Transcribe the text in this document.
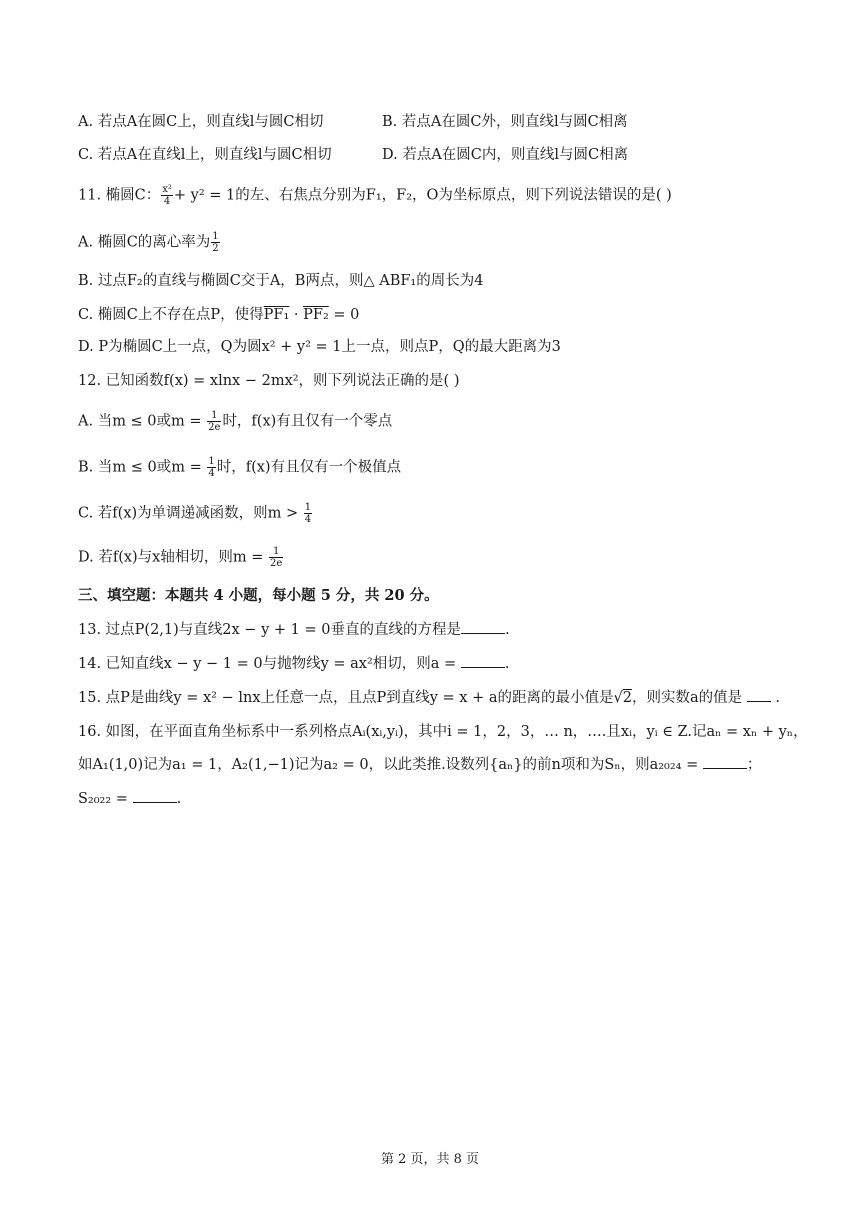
A. 若点A在圆C上，则直线l与圆C相切	B. 若点A在圆C外，则直线l与圆C相离
C. 若点A在直线l上，则直线l与圆C相切	D. 若点A在圆C内，则直线l与圆C相离
11. 椭圆C： $\frac{\text{x²}}{4} + y^2 = 1$的左、右焦点分别为F₁，F₂，O为坐标原点，则下列说法错误的是( )
A. 椭圆C的离心率为 $\frac{1}{2}$
B. 过点F₂的直线与椭圆C交于A，B两点，则△ ABF₁的周长为4
C. 椭圆C上不存在点P，使得PF₁ · PF₂ = 0
D. P为椭圆C上一点，Q为圆x² + y² = 1上一点，则点P，Q的最大距离为3
12. 已知函数f(x) = xlnx − 2mx²，则下列说法正确的是( )
A. 当m ≤ 0或$m = \frac{1}{2e}$ 时，f(x)有且仅有一个零点
B. 当m ≤ 0或$m = \frac{1}{4}$ 时，f(x)有且仅有一个极值点
C. 若f(x)为单调递减函数，则$m > \frac{1}{4}$
D. 若f(x)与x轴相切，则$m = \frac{1}{2e}$
三、填空题：本题共 4 小题，每小题 5 分，共 20 分。
13. 过点P(2,1)与直线2x − y + 1 = 0垂直的直线的方程是	.
14. 已知直线x − y − 1 = 0与抛物线y = ax²相切，则a =	.
15. 点P是曲线y = x² − lnx上任意一点，且点P到直线y = x + a的距离的最小值是√2，则实数a的值是  .
16. 如图，在平面直角坐标系中一系列格点Aᵢ(xᵢ,yᵢ)，其中i = 1，2，3，… n，….且xᵢ，yᵢ ∈ Z.记aₙ = xₙ + yₙ，
如A₁(1,0)记为a₁ = 1，A₂(1,−1)记为a₂ = 0，以此类推.设数列{aₙ}的前n项和为Sₙ，则a₂₀₂₄ =	；
S₂₀₂₂ =	.
第 2 页，共 8 页
